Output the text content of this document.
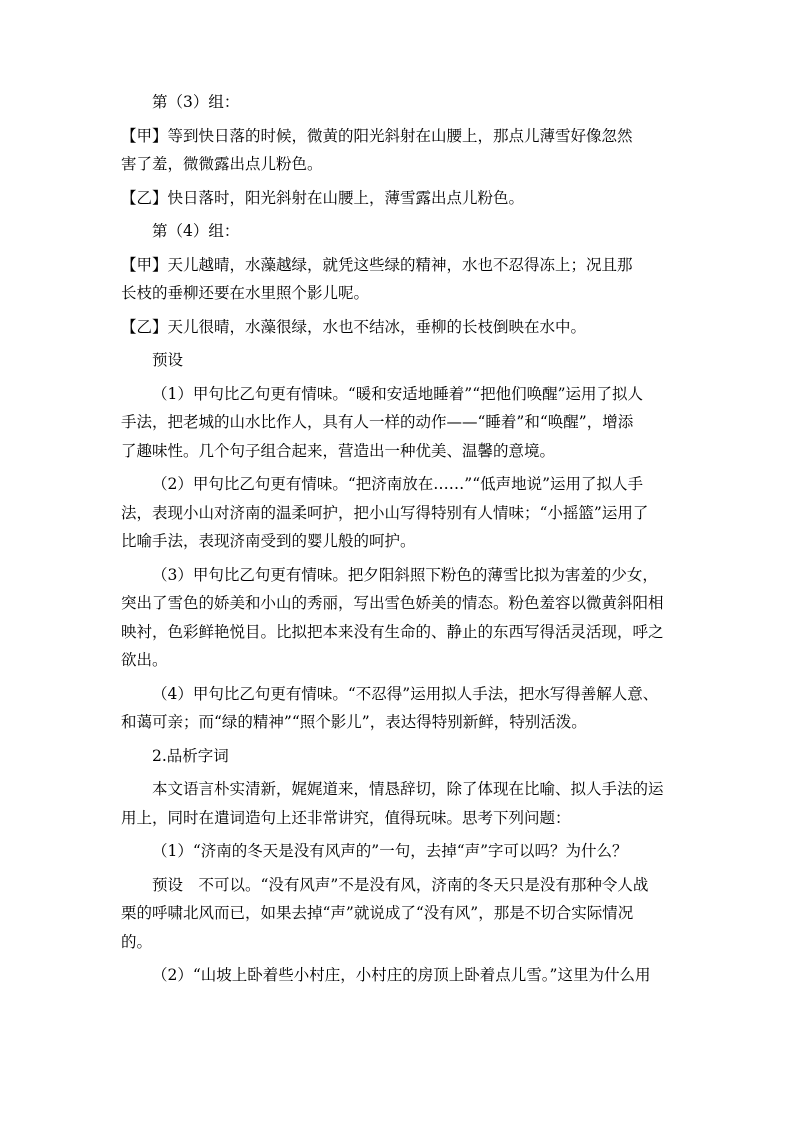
第（3）组：

【甲】等到快日落的时候，微黄的阳光斜射在山腰上，那点儿薄雪好像忽然
害了羞，微微露出点儿粉色。

【乙】快日落时，阳光斜射在山腰上，薄雪露出点儿粉色。

第（4）组：

【甲】天儿越晴，水藻越绿，就凭这些绿的精神，水也不忍得冻上；况且那
长枝的垂柳还要在水里照个影儿呢。

【乙】天儿很晴，水藻很绿，水也不结冰，垂柳的长枝倒映在水中。

预设

（1）甲句比乙句更有情味。“暖和安适地睡着”“把他们唤醒”运用了拟人
手法，把老城的山水比作人，具有人一样的动作——“睡着”和“唤醒”，增添
了趣味性。几个句子组合起来，营造出一种优美、温馨的意境。

（2）甲句比乙句更有情味。“把济南放在……”“低声地说”运用了拟人手
法，表现小山对济南的温柔呵护，把小山写得特别有人情味；“小摇篮”运用了
比喻手法，表现济南受到的婴儿般的呵护。

（3）甲句比乙句更有情味。把夕阳斜照下粉色的薄雪比拟为害羞的少女，
突出了雪色的娇美和小山的秀丽，写出雪色娇美的情态。粉色羞容以微黄斜阳相
映衬，色彩鲜艳悦目。比拟把本来没有生命的、静止的东西写得活灵活现，呼之
欲出。

（4）甲句比乙句更有情味。“不忍得”运用拟人手法，把水写得善解人意、
和蔼可亲；而“绿的精神”“照个影儿”，表达得特别新鲜，特别活泼。

2.品析字词

本文语言朴实清新，娓娓道来，情恳辞切，除了体现在比喻、拟人手法的运
用上，同时在遣词造句上还非常讲究，值得玩味。思考下列问题：

（1）“济南的冬天是没有风声的”一句，去掉“声”字可以吗？为什么？

预设　不可以。“没有风声”不是没有风，济南的冬天只是没有那种令人战
栗的呼啸北风而已，如果去掉“声”就说成了“没有风”，那是不切合实际情况
的。

（2）“山坡上卧着些小村庄，小村庄的房顶上卧着点儿雪。”这里为什么用
